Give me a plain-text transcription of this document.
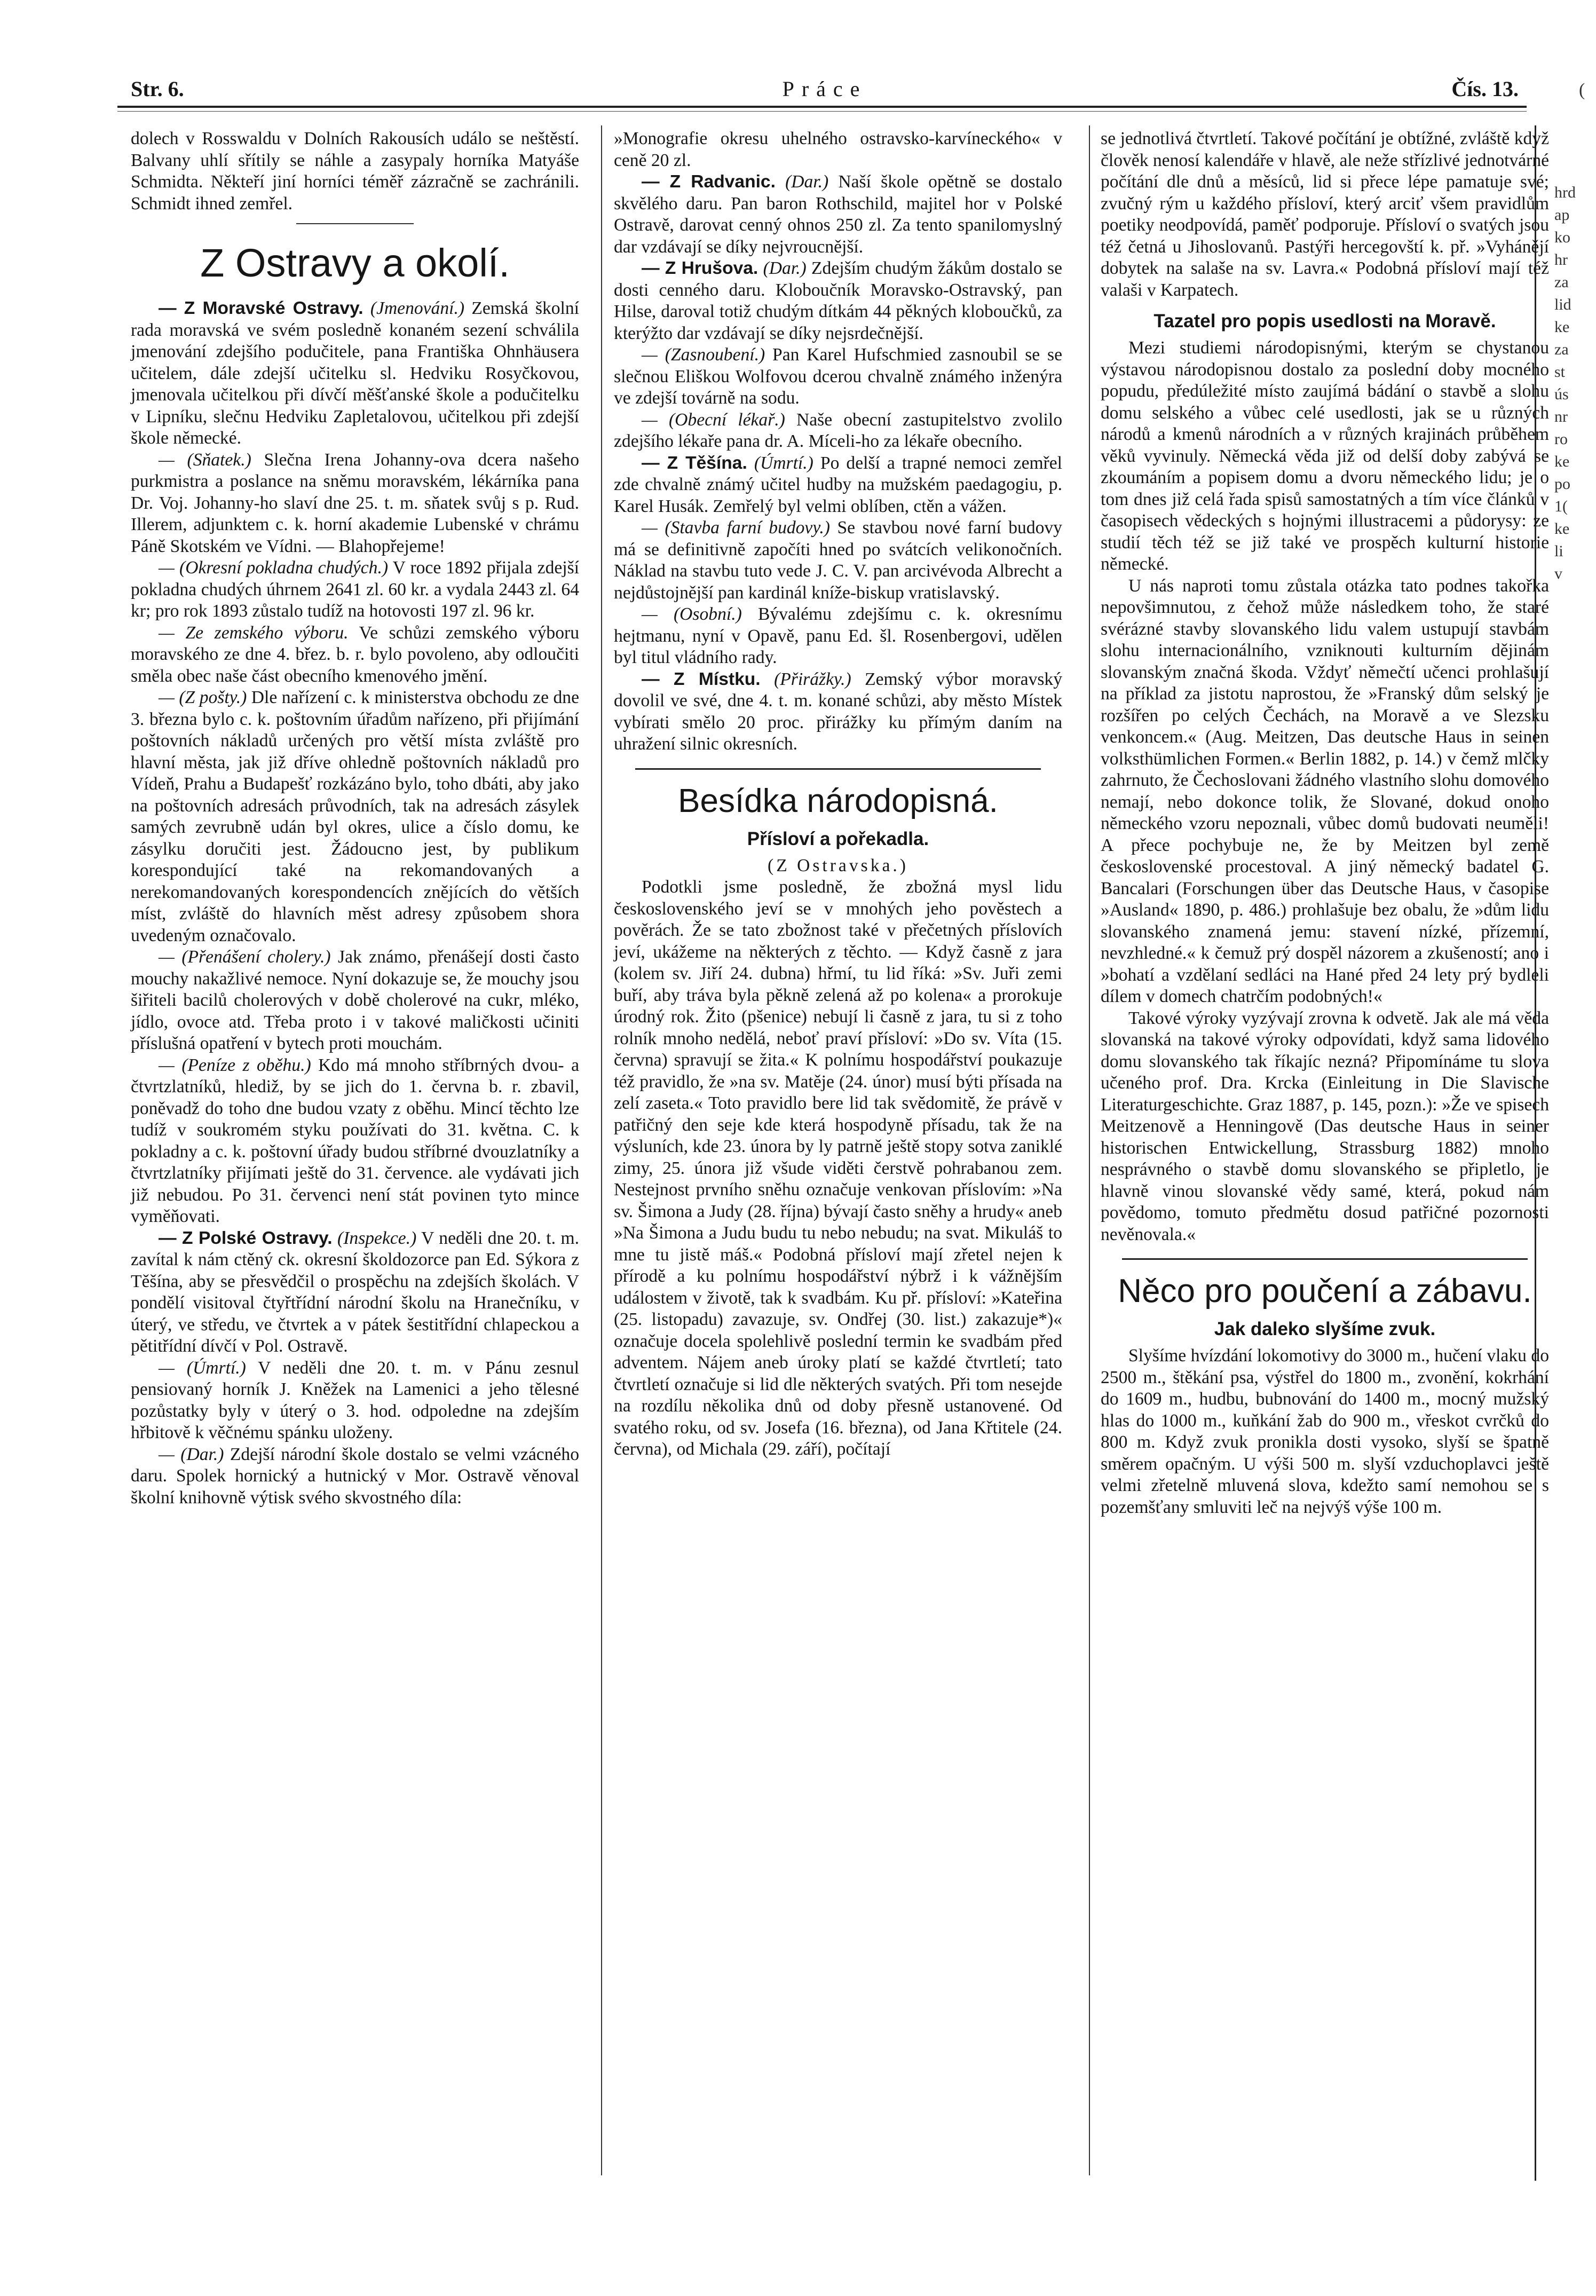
Str. 6.	Práce	Čís. 13.

dolech v Rosswaldu v Dolních Rakousích událo se neštěstí. Balvany uhlí sřítily se náhle a zasypaly horníka Matyáše Schmidta. Někteří jiní horníci téměř zázračně se zachránili. Schmidt ihned zemřel.

Z Ostravy a okolí.

— Z Moravské Ostravy. (Jmenování.) Zemská školní rada moravská ve svém posledně konaném sezení schválila jmenování zdejšího podučitele, pana Františka Ohnhäusera učitelem, dále zdejší učitelku sl. Hedviku Rosyčkovou, jmenovala učitelkou při dívčí měšťanské škole a podučitelku v Lipníku, slečnu Hedviku Zapletalovou, učitelkou při zdejší škole německé.

— (Sňatek.) Slečna Irena Johanny-ova dcera našeho purkmistra a poslance na sněmu moravském, lékárníka pana Dr. Voj. Johanny-ho slaví dne 25. t. m. sňatek svůj s p. Rud. Illerem, adjunktem c. k. horní akademie Lubenské v chrámu Páně Skotském ve Vídni. — Blahopřejeme!

— (Okresní pokladna chudých.) V roce 1892 přijala zdejší pokladna chudých úhrnem 2641 zl. 60 kr. a vydala 2443 zl. 64 kr; pro rok 1893 zůstalo tudíž na hotovosti 197 zl. 96 kr.

— Ze zemského výboru. Ve schůzi zemského výboru moravského ze dne 4. břez. b. r. bylo povoleno, aby odloučiti směla obec naše část obecního kmenového jmění.

— (Z pošty.) Dle nařízení c. k ministerstva obchodu ze dne 3. března bylo c. k. poštovním úřadům nařízeno, při přijímání poštovních nákladů určených pro větší místa zvláště pro hlavní města, jak již dříve ohledně poštovních nákladů pro Vídeň, Prahu a Budapešť rozkázáno bylo, toho dbáti, aby jako na poštovních adresách průvodních, tak na adresách zásylek samých zevrubně udán byl okres, ulice a číslo domu, ke zásylku doručiti jest. Žádoucno jest, by publikum korespondující také na rekomandovaných a nerekomandovaných korespondencích znějících do větších míst, zvláště do hlavních měst adresy způsobem shora uvedeným označovalo.

— (Přenášení cholery.) Jak známo, přenášejí dosti často mouchy nakažlivé nemoce. Nyní dokazuje se, že mouchy jsou šiřiteli bacilů cholerových v době cholerové na cukr, mléko, jídlo, ovoce atd. Třeba proto i v takové maličkosti učiniti příslušná opatření v bytech proti mouchám.

— (Peníze z oběhu.) Kdo má mnoho stříbrných dvou- a čtvrtzlatníků, hlediž, by se jich do 1. června b. r. zbavil, poněvadž do toho dne budou vzaty z oběhu. Mincí těchto lze tudíž v soukromém styku používati do 31. května. C. k pokladny a c. k. poštovní úřady budou stříbrné dvouzlatníky a čtvrtzlatníky přijímati ještě do 31. července. ale vydávati jich již nebudou. Po 31. červenci není stát povinen tyto mince vyměňovati.

— Z Polské Ostravy. (Inspekce.) V neděli dne 20. t. m. zavítal k nám ctěný ck. okresní školdozorce pan Ed. Sýkora z Těšína, aby se přesvědčil o prospěchu na zdejších školách. V pondělí visitoval čtyřtřídní národní školu na Hranečníku, v úterý, ve středu, ve čtvrtek a v pátek šestitřídní chlapeckou a pětitřídní dívčí v Pol. Ostravě.

— (Úmrtí.) V neděli dne 20. t. m. v Pánu zesnul pensiovaný horník J. Kněžek na Lamenici a jeho tělesné pozůstatky byly v úterý o 3. hod. odpoledne na zdejším hřbitově k věčnému spánku uloženy.

— (Dar.) Zdejší národní škole dostalo se velmi vzácného daru. Spolek hornický a hutnický v Mor. Ostravě věnoval školní knihovně výtisk svého skvostného díla:

»Monografie okresu uhelného ostravsko-karvíneckého« v ceně 20 zl.

— Z Radvanic. (Dar.) Naší škole opětně se dostalo skvělého daru. Pan baron Rothschild, majitel hor v Polské Ostravě, darovat cenný ohnos 250 zl. Za tento spanilomyslný dar vzdávají se díky nejvroucnější.

— Z Hrušova. (Dar.) Zdejším chudým žákům dostalo se dosti cenného daru. Kloboučník Moravsko-Ostravský, pan Hilse, daroval totiž chudým dítkám 44 pěkných kloboučků, za kterýžto dar vzdávají se díky nejsrdečnější.

— (Zasnoubení.) Pan Karel Hufschmied zasnoubil se se slečnou Eliškou Wolfovou dcerou chvalně známého inženýra ve zdejší továrně na sodu.

— (Obecní lékař.) Naše obecní zastupitelstvo zvolilo zdejšího lékaře pana dr. A. Míceli-ho za lékaře obecního.

— Z Těšína. (Úmrtí.) Po delší a trapné nemoci zemřel zde chvalně známý učitel hudby na mužském paedagogiu, p. Karel Husák. Zemřelý byl velmi oblíben, ctěn a vážen.

— (Stavba farní budovy.) Se stavbou nové farní budovy má se definitivně započíti hned po svátcích velikonočních. Náklad na stavbu tuto vede J. C. V. pan arcivévoda Albrecht a nejdůstojnější pan kardinál kníže-biskup vratislavský.

— (Osobní.) Bývalému zdejšímu c. k. okresnímu hejtmanu, nyní v Opavě, panu Ed. šl. Rosenbergovi, udělen byl titul vládního rady.

— Z Místku. (Přirážky.) Zemský výbor moravský dovolil ve své, dne 4. t. m. konané schůzi, aby město Místek vybírati smělo 20 proc. přirážky ku přímým daním na uhražení silnic okresních.

Besídka národopisná.
Přísloví a pořekadla.

(Z Ostravska.)

Podotkli jsme posledně, že zbožná mysl lidu československého jeví se v mnohých jeho pověstech a pověrách. Že se tato zbožnost také v přečetných příslovích jeví, ukážeme na některých z těchto. — Když časně z jara (kolem sv. Jiří 24. dubna) hřmí, tu lid říká: »Sv. Juři zemi buří, aby tráva byla pěkně zelená až po kolena« a prorokuje úrodný rok. Žito (pšenice) nebují li časně z jara, tu si z toho rolník mnoho nedělá, neboť praví přísloví: »Do sv. Víta (15. června) spravují se žita.« K polnímu hospodářství poukazuje též pravidlo, že »na sv. Matěje (24. únor) musí býti přísada na zelí zaseta.« Toto pravidlo bere lid tak svědomitě, že právě v patřičný den seje kde která hospodyně přísadu, tak že na výsluních, kde 23. února by ly patrně ještě stopy sotva zaniklé zimy, 25. února již všude viděti čerstvě pohrabanou zem. Nestejnost prvního sněhu označuje venkovan příslovím: »Na sv. Šimona a Judy (28. října) bývají často sněhy a hrudy« aneb »Na Šimona a Judu budu tu nebo nebudu; na svat. Mikuláš to mne tu jistě máš.« Podobná přísloví mají zřetel nejen k přírodě a ku polnímu hospodářství nýbrž i k vážnějším událostem v životě, tak k svadbám. Ku př. přísloví: »Kateřina (25. listopadu) zavazuje, sv. Ondřej (30. list.) zakazuje*)« označuje docela spolehlivě poslední termin ke svadbám před adventem. Nájem aneb úroky platí se každé čtvrtletí; tato čtvrtletí označuje si lid dle některých svatých. Při tom nesejde na rozdílu několika dnů od doby přesně ustanovené. Od svatého roku, od sv. Josefa (16. března), od Jana Křtitele (24. června), od Michala (29. září), počítají

se jednotlivá čtvrtletí. Takové počítání je obtížné, zvláště když člověk nenosí kalendáře v hlavě, ale neže střízlivé jednotvárné počítání dle dnů a měsíců, lid si přece lépe pamatuje své; zvučný rým u každého přísloví, který arciť všem pravidlům poetiky neodpovídá, paměť podporuje. Přísloví o svatých jsou též četná u Jihoslovanů. Pastýři hercegovští k. př. »Vyhánějí dobytek na salaše na sv. Lavra.« Podobná přísloví mají též valaši v Karpatech.

Tazatel pro popis usedlosti na Moravě.

Mezi studiemi národopisnými, kterým se chystanou výstavou národopisnou dostalo za poslední doby mocného popudu, předúležité místo zaujímá bádání o stavbě a slohu domu selského a vůbec celé usedlosti, jak se u různých národů a kmenů národních a v různých krajinách průběhem věků vyvinuly. Německá věda již od delší doby zabývá se zkoumáním a popisem domu a dvoru německého lidu; je o tom dnes již celá řada spisů samostatných a tím více článků v časopisech vědeckých s hojnými illustracemi a půdorysy: ze studií těch též se již také ve prospěch kulturní historie německé.

U nás naproti tomu zůstala otázka tato podnes takořka nepovšimnutou, z čehož může následkem toho, že staré svérázné stavby slovanského lidu valem ustupují stavbám slohu internacionálního, vzniknouti kulturním dějinám slovanským značná škoda. Vždyť němečtí učenci prohlašují na příklad za jistotu naprostou, že »Franský dům selský je rozšířen po celých Čechách, na Moravě a ve Slezsku venkoncem.« (Aug. Meitzen, Das deutsche Haus in seinen volksthümlichen Formen.« Berlin 1882, p. 14.) v čemž mlčky zahrnuto, že Čechoslovani žádného vlastního slohu domového nemají, nebo dokonce tolik, že Slované, dokud onoho německého vzoru nepoznali, vůbec domů budovati neuměli! A přece pochybuje ne, že by Meitzen byl země československé procestoval. A jiný německý badatel G. Bancalari (Forschungen über das Deutsche Haus, v časopise »Ausland« 1890, p. 486.) prohlašuje bez obalu, že »dům lidu slovanského znamená jemu: stavení nízké, přízemní, nevzhledné.« k čemuž prý dospěl názorem a zkušeností; ano i »bohatí a vzdělaní sedláci na Hané před 24 lety prý bydleli dílem v domech chatrčím podobných!«

Takové výroky vyzývají zrovna k odvetě. Jak ale má věda slovanská na takové výroky odpovídati, když sama lidového domu slovanského tak říkajíc nezná? Připomínáme tu slova učeného prof. Dra. Krcka (Einleitung in Die Slavische Literaturgeschichte. Graz 1887, p. 145, pozn.): »Že ve spisech Meitzenově a Henningově (Das deutsche Haus in seiner historischen Entwickellung, Strassburg 1882) mnoho nesprávného o stavbě domu slovanského se připletlo, je hlavně vinou slovanské vědy samé, která, pokud nám povědomo, tomuto předmětu dosud patřičné pozornosti nevěnovala.«

Něco pro poučení a zábavu.
Jak daleko slyšíme zvuk.

Slyšíme hvízdání lokomotivy do 3000 m., hučení vlaku do 2500 m., štěkání psa, výstřel do 1800 m., zvonění, kokrhání do 1609 m., hudbu, bubnování do 1400 m., mocný mužský hlas do 1000 m., kuňkání žab do 900 m., vřeskot cvrčků do 800 m. Když zvuk pronikla dosti vysoko, slyší se špatně směrem opačným. U výši 500 m. slyší vzduchoplavci ještě velmi zřetelně mluvená slova, kdežto samí nemohou se s pozemšťany smluviti leč na nejvýš výše 100 m.

(
hrd
ap
ko
hr
za
lid
ke
za
st
ús
nr
ro
ke
po
1(
ke
li
v
